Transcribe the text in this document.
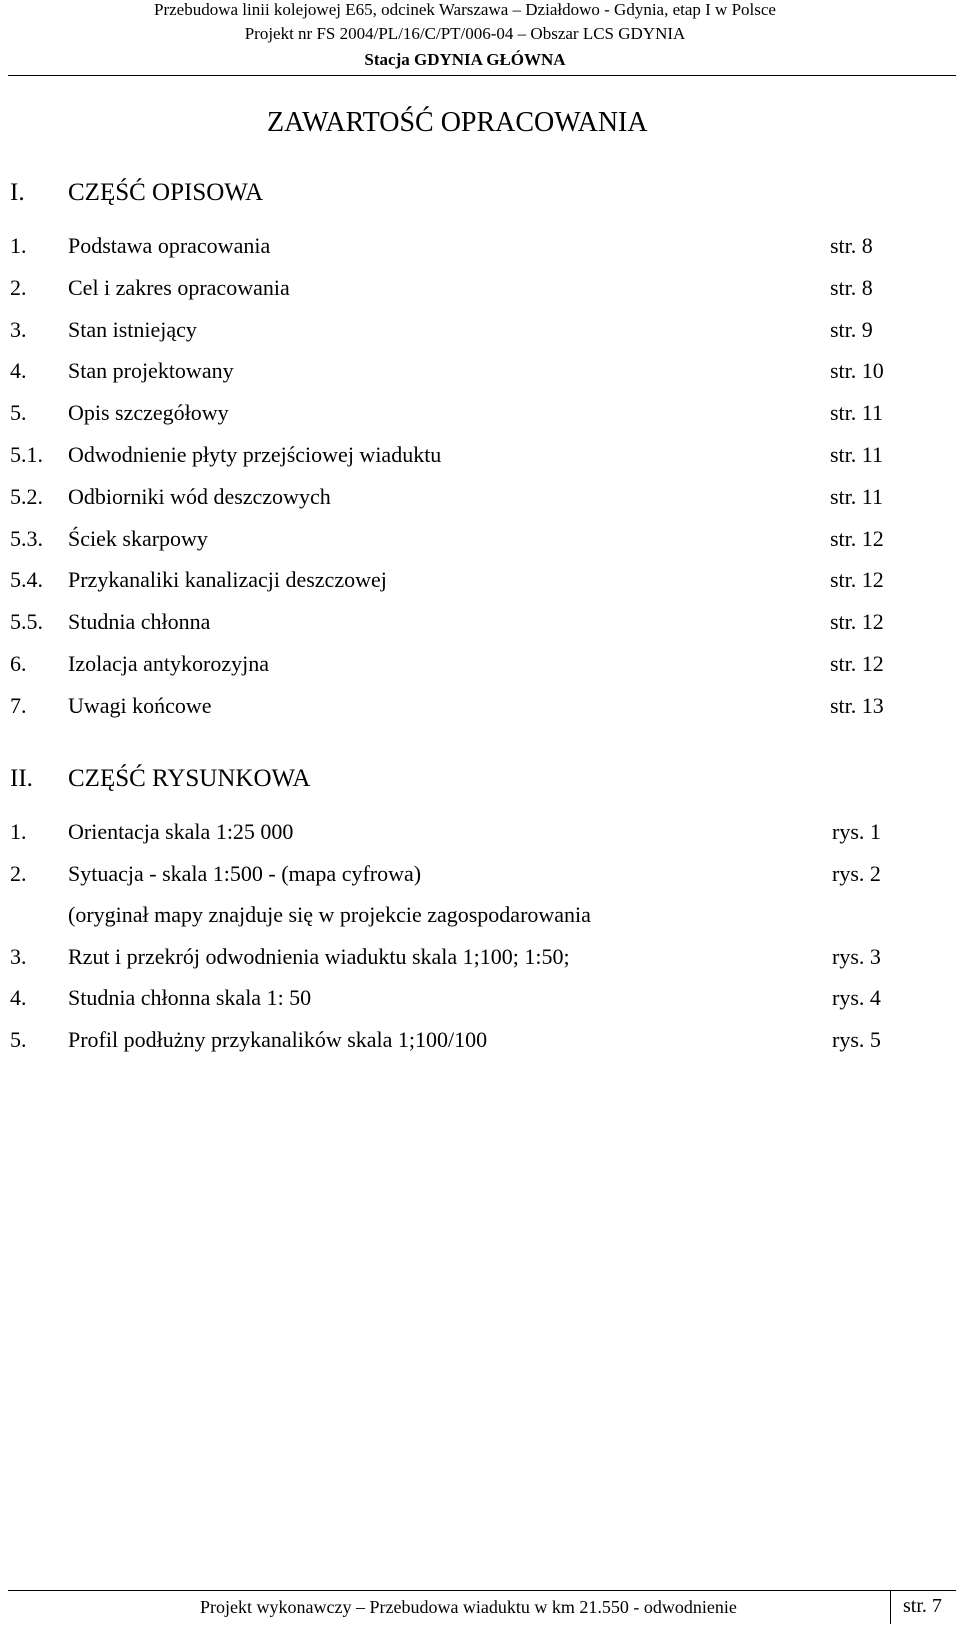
Przebudowa linii kolejowej E65, odcinek Warszawa – Działdowo - Gdynia, etap I w Polsce
Projekt nr FS 2004/PL/16/C/PT/006-04 – Obszar LCS GDYNIA
Stacja GDYNIA GŁÓWNA
ZAWARTOŚĆ OPRACOWANIA
I. CZĘŚĆ OPISOWA
1. Podstawa opracowania	str. 8
2. Cel i zakres opracowania	str. 8
3. Stan istniejący	str. 9
4. Stan projektowany	str. 10
5. Opis szczegółowy	str. 11
5.1. Odwodnienie płyty przejściowej wiaduktu	str. 11
5.2. Odbiorniki wód deszczowych	str. 11
5.3. Ściek skarpowy	str. 12
5.4. Przykanaliki kanalizacji deszczowej	str. 12
5.5. Studnia chłonna	str. 12
6. Izolacja antykorozyjna	str. 12
7. Uwagi końcowe	str. 13
II. CZĘŚĆ RYSUNKOWA
1. Orientacja skala 1:25 000	rys. 1
2. Sytuacja - skala 1:500 - (mapa cyfrowa)	rys. 2
(oryginał mapy znajduje się w projekcie zagospodarowania
3. Rzut i przekrój odwodnienia wiaduktu skala 1;100; 1:50;	rys. 3
4. Studnia chłonna skala 1: 50	rys. 4
5. Profil podłużny przykanalików skala 1;100/100	rys. 5
Projekt wykonawczy – Przebudowa wiaduktu w km 21.550 - odwodnienie	str. 7
